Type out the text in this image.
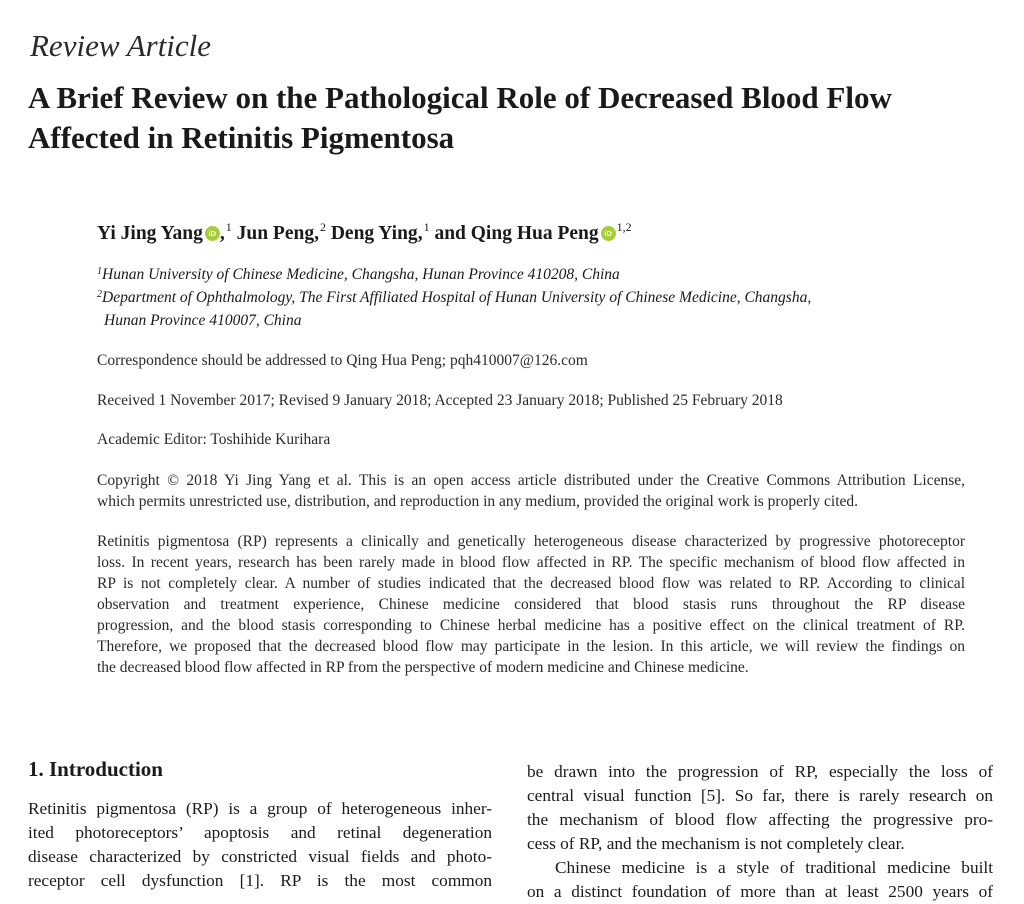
Review Article
A Brief Review on the Pathological Role of Decreased Blood Flow
Affected in Retinitis Pigmentosa
Yi Jing Yang iD ,$^1$ Jun Peng,$^2$ Deng Ying,$^1$ and Qing Hua Peng iD $^{1,2}$
$^1$Hunan University of Chinese Medicine, Changsha, Hunan Province 410208, China
$^2$Department of Ophthalmology, The First Affiliated Hospital of Hunan University of Chinese Medicine, Changsha,
Hunan Province 410007, China
Correspondence should be addressed to Qing Hua Peng; pqh410007@126.com
Received 1 November 2017; Revised 9 January 2018; Accepted 23 January 2018; Published 25 February 2018
Academic Editor: Toshihide Kurihara
Copyright © 2018 Yi Jing Yang et al. This is an open access article distributed under the Creative Commons Attribution License,
which permits unrestricted use, distribution, and reproduction in any medium, provided the original work is properly cited.
Retinitis pigmentosa (RP) represents a clinically and genetically heterogeneous disease characterized by progressive photoreceptor
loss. In recent years, research has been rarely made in blood flow affected in RP. The specific mechanism of blood flow affected in
RP is not completely clear. A number of studies indicated that the decreased blood flow was related to RP. According to clinical
observation and treatment experience, Chinese medicine considered that blood stasis runs throughout the RP disease
progression, and the blood stasis corresponding to Chinese herbal medicine has a positive effect on the clinical treatment of RP.
Therefore, we proposed that the decreased blood flow may participate in the lesion. In this article, we will review the findings on
the decreased blood flow affected in RP from the perspective of modern medicine and Chinese medicine.
1. Introduction
Retinitis pigmentosa (RP) is a group of heterogeneous inher-
ited photoreceptors’ apoptosis and retinal degeneration
disease characterized by constricted visual fields and photo-
receptor cell dysfunction [1]. RP is the most common
be drawn into the progression of RP, especially the loss of
central visual function [5]. So far, there is rarely research on
the mechanism of blood flow affecting the progressive pro-
cess of RP, and the mechanism is not completely clear.
Chinese medicine is a style of traditional medicine built
on a distinct foundation of more than at least 2500 years of
